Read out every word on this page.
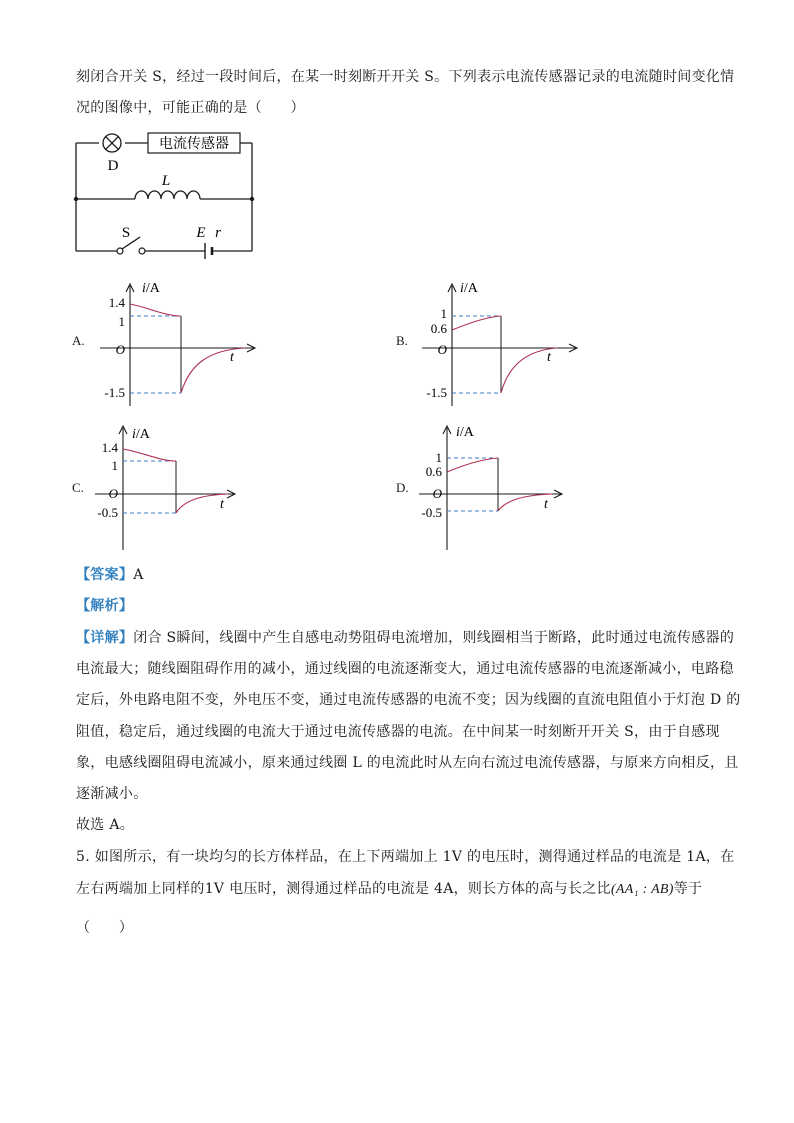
刻闭合开关 S，经过一段时间后，在某一时刻断开开关 S。下列表示电流传感器记录的电流随时间变化情
况的图像中，可能正确的是（　　）
电流传感器
D
L
S	E r
A.
i/A
1.4
1
O
-1.5
t
B.
i/A
1
0.6
O
-1.5
t
C.
i/A
1.4
1
O
-0.5
t
D.
i/A
1
0.6
O
-0.5
t
【答案】A
【解析】
【详解】闭合 S瞬间，线圈中产生自感电动势阻碍电流增加，则线圈相当于断路，此时通过电流传感器的
电流最大；随线圈阻碍作用的减小，通过线圈的电流逐渐变大，通过电流传感器的电流逐渐减小，电路稳
定后，外电路电阻不变，外电压不变，通过电流传感器的电流不变；因为线圈的直流电阻值小于灯泡 D 的
阻值，稳定后，通过线圈的电流大于通过电流传感器的电流。在中间某一时刻断开开关 S，由于自感现
象，电感线圈阻碍电流减小，原来通过线圈 L 的电流此时从左向右流过电流传感器，与原来方向相反，且
逐渐减小。
故选 A。
5. 如图所示，有一块均匀的长方体样品，在上下两端加上 1V 的电压时，测得通过样品的电流是 1A，在
左右两端加上同样的1V 电压时，测得通过样品的电流是 4A，则长方体的高与长之比(AA₁ : AB)等于
（　　）
